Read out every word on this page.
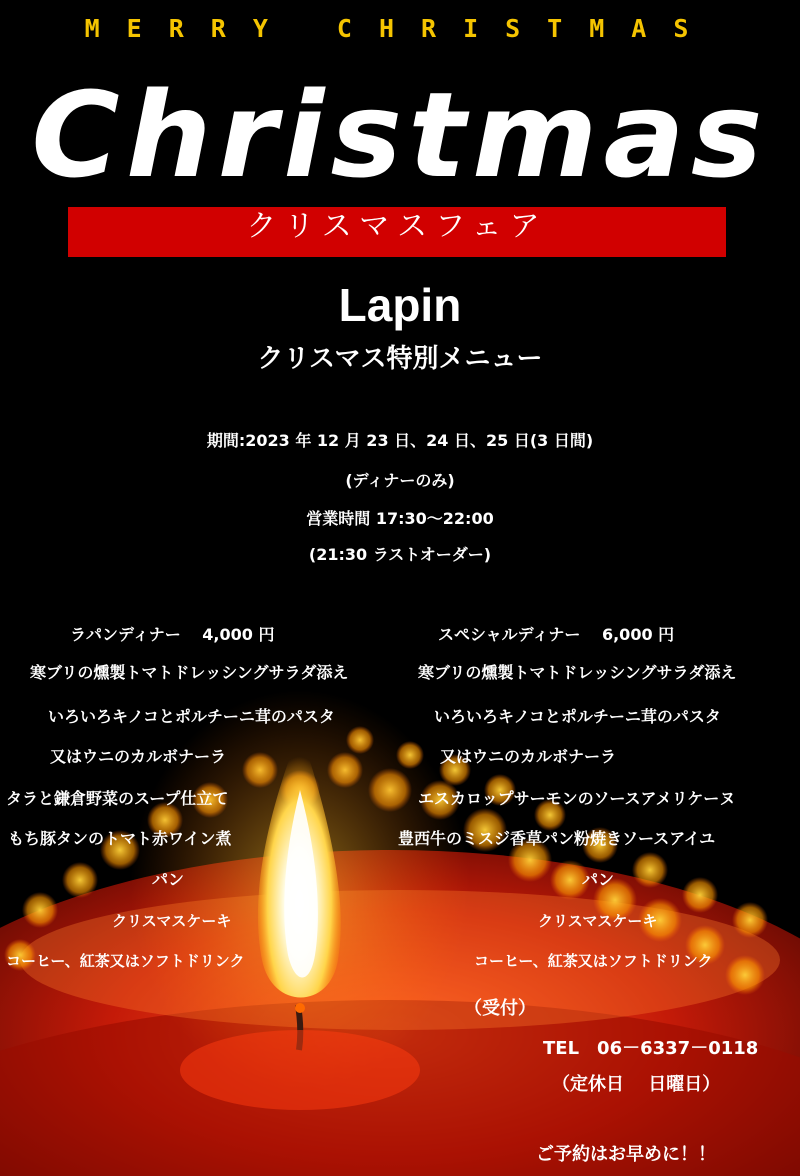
MERRY CHRISTMAS
Christmas
クリスマスフェア
Lapin
クリスマス特別メニュー
期間:2023 年 12 月 23 日、24 日、25 日(3 日間)
(ディナーのみ)
営業時間 17:30～22:00
(21:30 ラストオーダー)
ラパンディナー　 4,000 円
寒ブリの燻製トマトドレッシングサラダ添え
いろいろキノコとポルチーニ茸のパスタ
又はウニのカルボナーラ
タラと鎌倉野菜のスープ仕立て
もち豚タンのトマト赤ワイン煮
パン
クリスマスケーキ
コーヒー、紅茶又はソフトドリンク
スペシャルディナー　 6,000 円
寒ブリの燻製トマトドレッシングサラダ添え
いろいろキノコとポルチーニ茸のパスタ
又はウニのカルボナーラ
エスカロップサーモンのソースアメリケーヌ
豊西牛のミスジ香草パン粉焼きソースアイユ
パン
クリスマスケーキ
コーヒー、紅茶又はソフトドリンク
（受付）
TEL　06－6337－0118
（定休日　 日曜日）
ご予約はお早めに！！
